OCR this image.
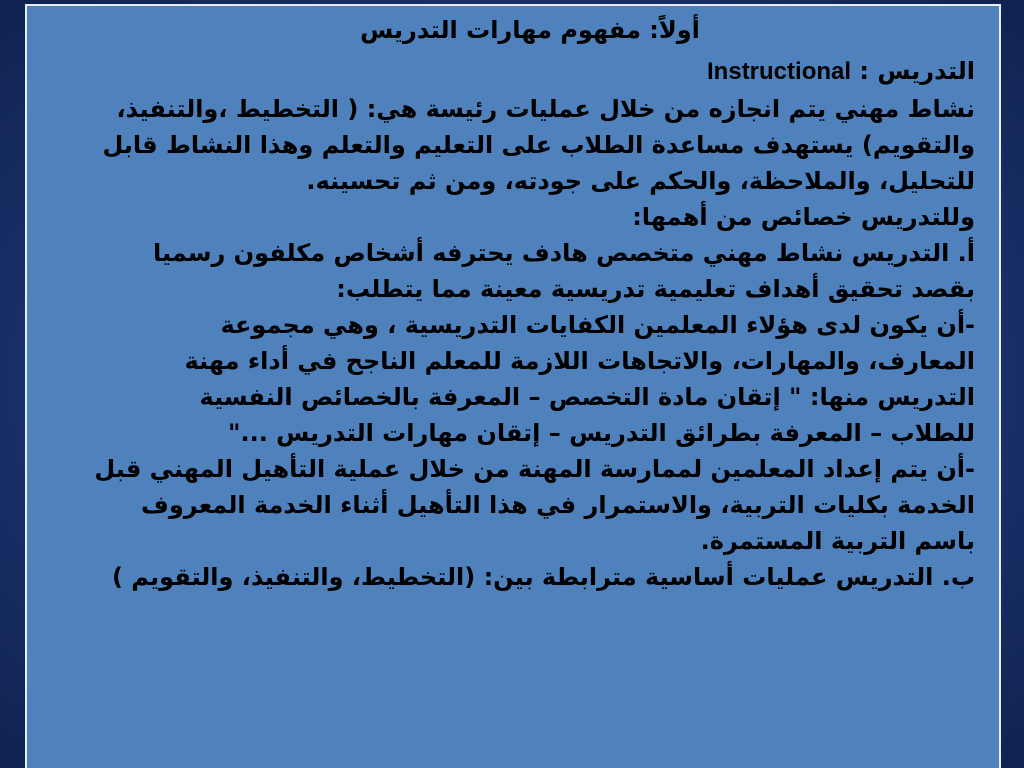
أولاً: مفهوم مهارات التدريس

التدريس : Instructional

نشاط مهني يتم انجازه من خلال عمليات رئيسة هي: ( التخطيط ،والتنفيذ،

والتقويم) يستهدف مساعدة الطلاب على التعليم والتعلم وهذا النشاط قابل

للتحليل، والملاحظة، والحكم على جودته، ومن ثم تحسينه.

وللتدريس خصائص من أهمها:

أ. التدريس نشاط مهني متخصص هادف يحترفه أشخاص مكلفون رسميا

بقصد تحقيق أهداف تعليمية تدريسية معينة مما يتطلب:

-أن يكون لدى هؤلاء المعلمين الكفايات التدريسية ، وهي مجموعة

المعارف، والمهارات، والاتجاهات اللازمة للمعلم الناجح في أداء مهنة

التدريس منها: " إتقان مادة التخصص – المعرفة بالخصائص النفسية

للطلاب – المعرفة بطرائق التدريس – إتقان مهارات التدريس ..."

-أن يتم إعداد المعلمين لممارسة المهنة من خلال عملية التأهيل المهني قبل

الخدمة بكليات التربية، والاستمرار في هذا التأهيل أثناء الخدمة المعروف

باسم التربية المستمرة.

ب. التدريس عمليات أساسية مترابطة بين: (التخطيط، والتنفيذ، والتقويم )
